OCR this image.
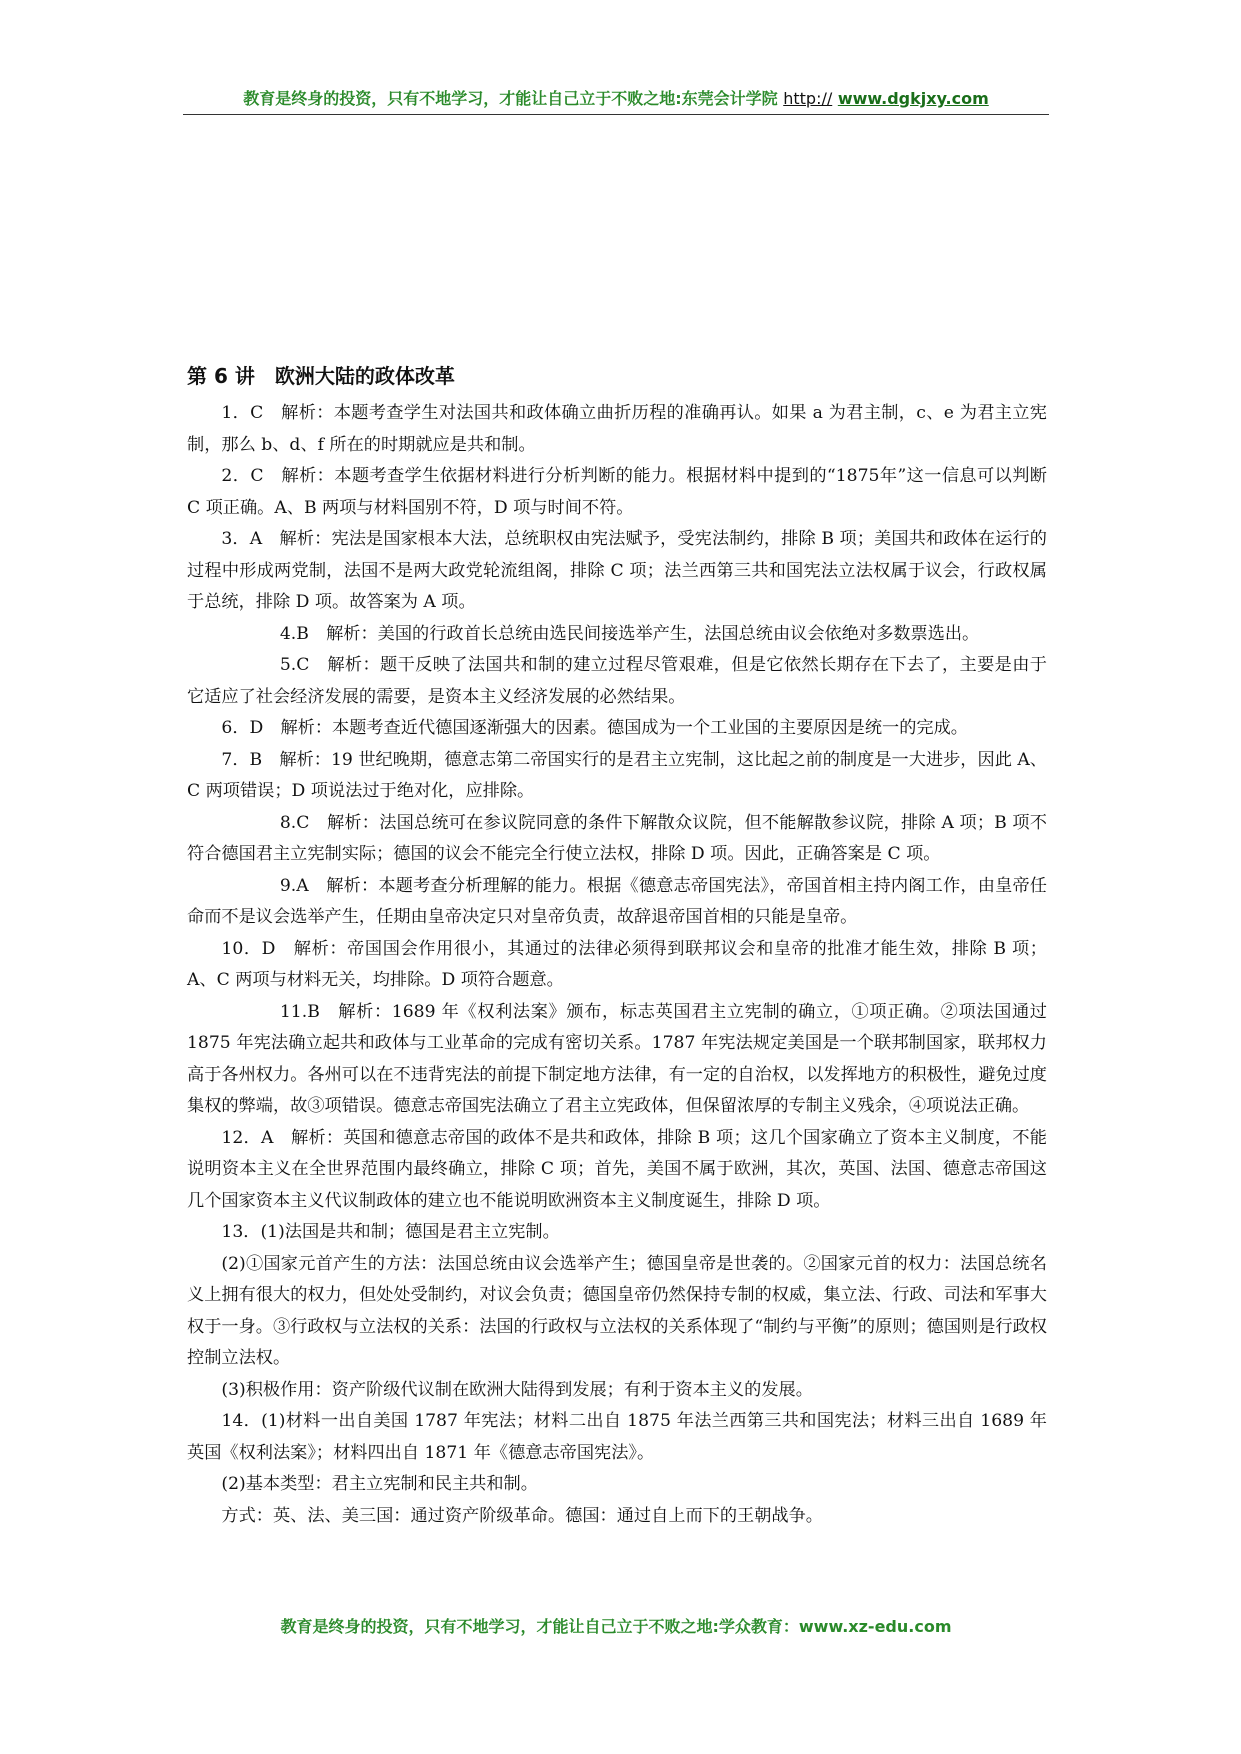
教育是终身的投资，只有不地学习，才能让自己立于不败之地:东莞会计学院 http:// www.dgkjxy.com
第 6 讲　欧洲大陆的政体改革

1．C　解析：本题考查学生对法国共和政体确立曲折历程的准确再认。如果 a 为君主制，c、e 为君主立宪制，那么 b、d、f 所在的时期就应是共和制。

2．C　解析：本题考查学生依据材料进行分析判断的能力。根据材料中提到的“1875年”这一信息可以判断 C 项正确。A、B 两项与材料国别不符，D 项与时间不符。

3．A　解析：宪法是国家根本大法，总统职权由宪法赋予，受宪法制约，排除 B 项；美国共和政体在运行的过程中形成两党制，法国不是两大政党轮流组阁，排除 C 项；法兰西第三共和国宪法立法权属于议会，行政权属于总统，排除 D 项。故答案为 A 项。

4.B　解析：美国的行政首长总统由选民间接选举产生，法国总统由议会依绝对多数票选出。

5.C　解析：题干反映了法国共和制的建立过程尽管艰难，但是它依然长期存在下去了，主要是由于它适应了社会经济发展的需要，是资本主义经济发展的必然结果。

6．D　解析：本题考查近代德国逐渐强大的因素。德国成为一个工业国的主要原因是统一的完成。

7．B　解析：19 世纪晚期，德意志第二帝国实行的是君主立宪制，这比起之前的制度是一大进步，因此 A、C 两项错误；D 项说法过于绝对化，应排除。

8.C　解析：法国总统可在参议院同意的条件下解散众议院，但不能解散参议院，排除 A 项；B 项不符合德国君主立宪制实际；德国的议会不能完全行使立法权，排除 D 项。因此，正确答案是 C 项。

9.A　解析：本题考查分析理解的能力。根据《德意志帝国宪法》，帝国首相主持内阁工作，由皇帝任命而不是议会选举产生，任期由皇帝决定只对皇帝负责，故辞退帝国首相的只能是皇帝。

10．D　解析：帝国国会作用很小，其通过的法律必须得到联邦议会和皇帝的批准才能生效，排除 B 项；A、C 两项与材料无关，均排除。D 项符合题意。

11.B　解析：1689 年《权利法案》颁布，标志英国君主立宪制的确立，①项正确。②项法国通过 1875 年宪法确立起共和政体与工业革命的完成有密切关系。1787 年宪法规定美国是一个联邦制国家，联邦权力高于各州权力。各州可以在不违背宪法的前提下制定地方法律，有一定的自治权，以发挥地方的积极性，避免过度集权的弊端，故③项错误。德意志帝国宪法确立了君主立宪政体，但保留浓厚的专制主义残余，④项说法正确。

12．A　解析：英国和德意志帝国的政体不是共和政体，排除 B 项；这几个国家确立了资本主义制度，不能说明资本主义在全世界范围内最终确立，排除 C 项；首先，美国不属于欧洲，其次，英国、法国、德意志帝国这几个国家资本主义代议制政体的建立也不能说明欧洲资本主义制度诞生，排除 D 项。

13．(1)法国是共和制；德国是君主立宪制。

(2)①国家元首产生的方法：法国总统由议会选举产生；德国皇帝是世袭的。②国家元首的权力：法国总统名义上拥有很大的权力，但处处受制约，对议会负责；德国皇帝仍然保持专制的权威，集立法、行政、司法和军事大权于一身。③行政权与立法权的关系：法国的行政权与立法权的关系体现了“制约与平衡”的原则；德国则是行政权控制立法权。

(3)积极作用：资产阶级代议制在欧洲大陆得到发展；有利于资本主义的发展。

14．(1)材料一出自美国 1787 年宪法；材料二出自 1875 年法兰西第三共和国宪法；材料三出自 1689 年英国《权利法案》；材料四出自 1871 年《德意志帝国宪法》。

(2)基本类型：君主立宪制和民主共和制。

方式：英、法、美三国：通过资产阶级革命。德国：通过自上而下的王朝战争。

教育是终身的投资，只有不地学习，才能让自己立于不败之地:学众教育：www.xz-edu.com
